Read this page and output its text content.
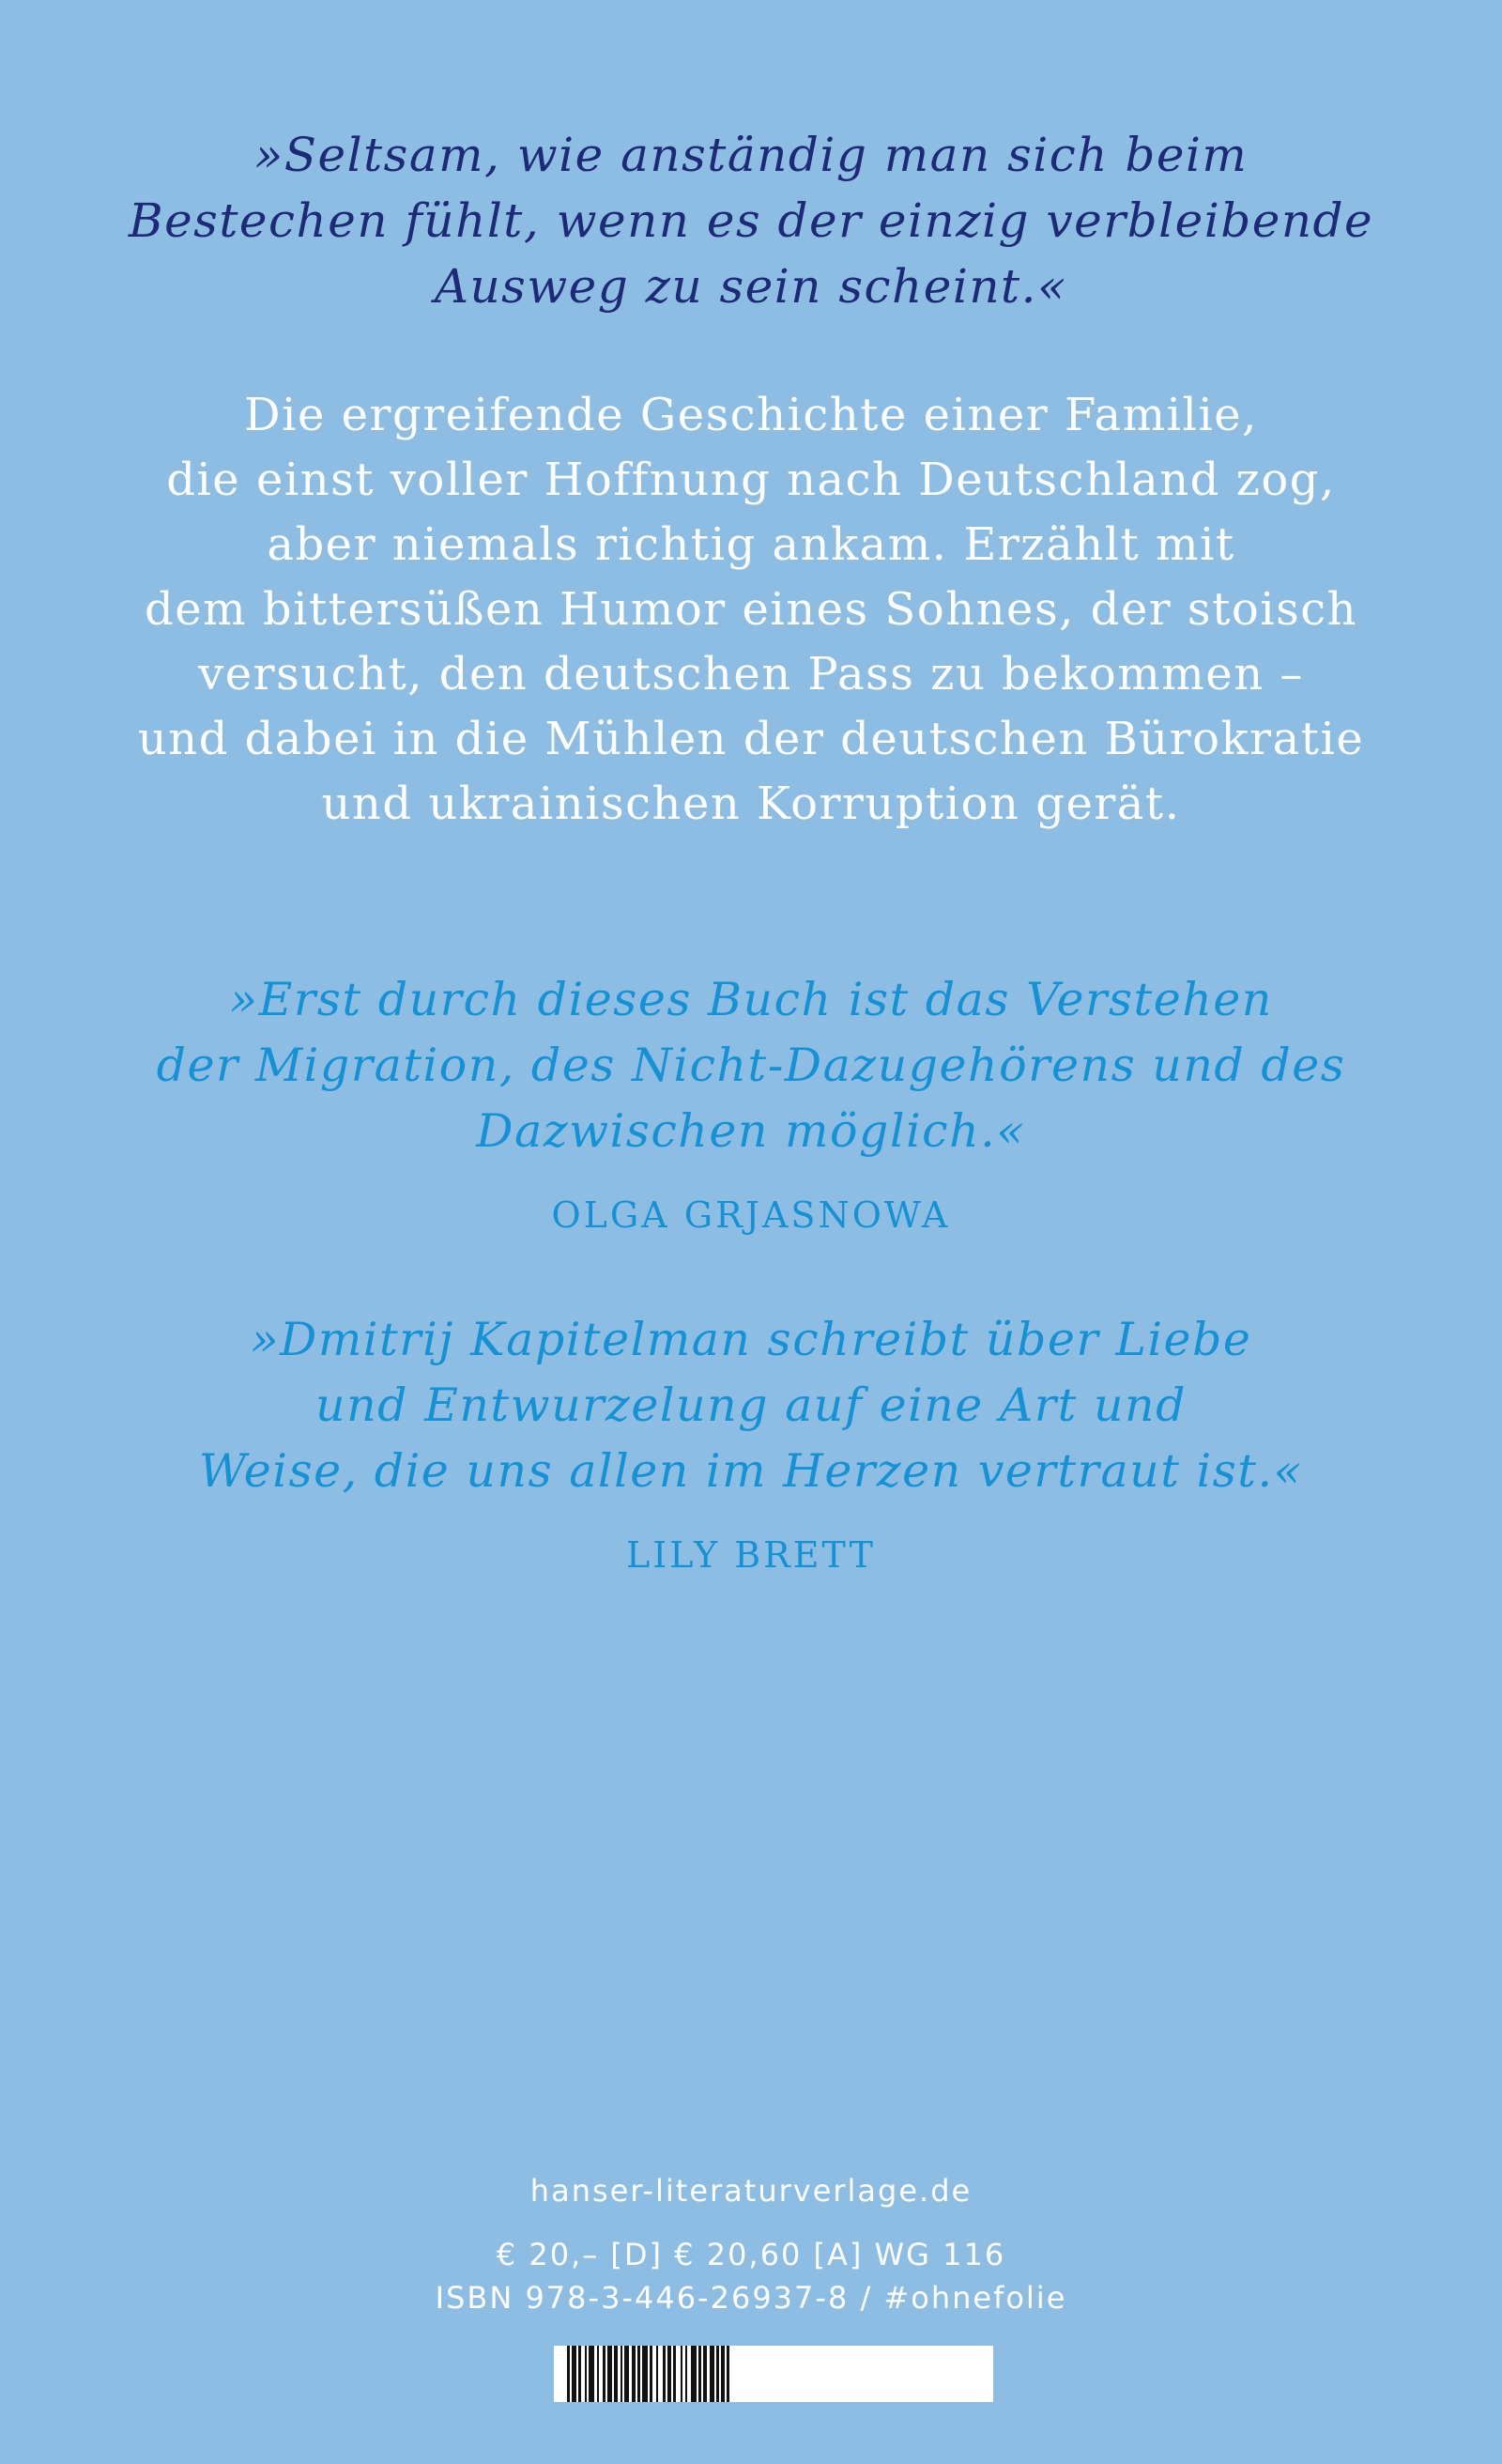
»Seltsam, wie anständig man sich beim
Bestechen fühlt, wenn es der einzig verbleibende
Ausweg zu sein scheint.«
Die ergreifende Geschichte einer Familie,
die einst voller Hoffnung nach Deutschland zog,
aber niemals richtig ankam. Erzählt mit
dem bittersüßen Humor eines Sohnes, der stoisch
versucht, den deutschen Pass zu bekommen –
und dabei in die Mühlen der deutschen Bürokratie
und ukrainischen Korruption gerät.
»Erst durch dieses Buch ist das Verstehen
der Migration, des Nicht-Dazugehörens und des
Dazwischen möglich.«
OLGA GRJASNOWA
»Dmitrij Kapitelman schreibt über Liebe
und Entwurzelung auf eine Art und
Weise, die uns allen im Herzen vertraut ist.«
LILY BRETT
hanser-literaturverlage.de
€ 20,– [D] € 20,60 [A] WG 116
ISBN 978-3-446-26937-8 / #ohnefolie
